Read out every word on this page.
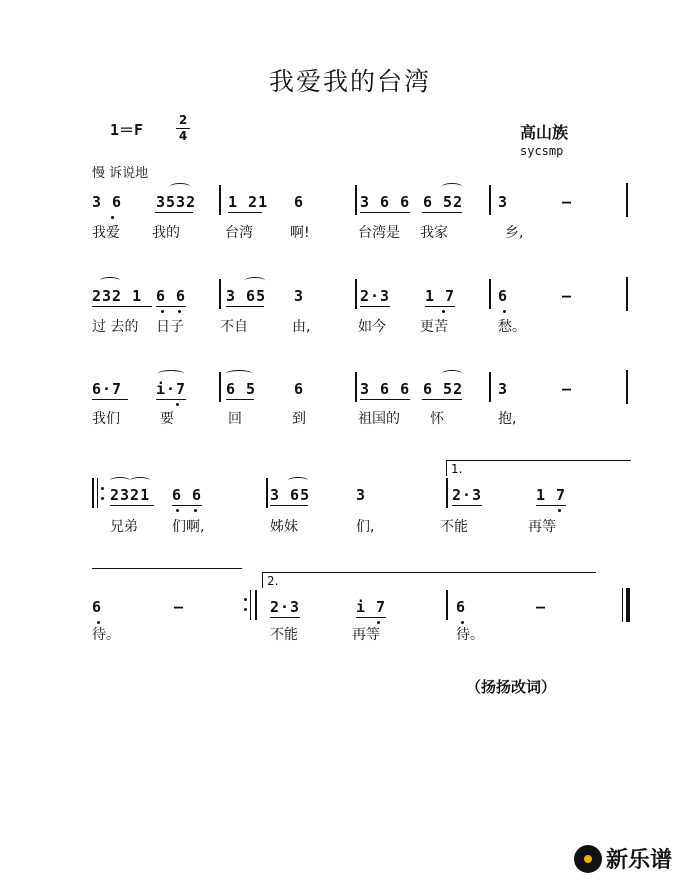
我爱我的台湾
1＝F
2
4	高山族
sycsmp
慢 诉说地
3 6 3532 1 21 6	3 6 6 6 52 3	–
我爱 我的	台湾	啊!	台湾是 我家	乡,
232 1 6 6	3 65 3	2·3 1 7	6	–
过 去的 日子	不自	由,	如今 更苦	愁。
6·7 i·7	6 5	6	3 6 6 6 52 3	–
我们	要	回	到	祖国的 怀	抱,
2321 6 6	3 65	3
1.
2·3	1 7
兄弟 们啊,	姊妹	们,	不能	再等
6	–
2.
2·3	i 7	6	–
待。	不能	再等	待。
（扬扬改词）
新乐谱
